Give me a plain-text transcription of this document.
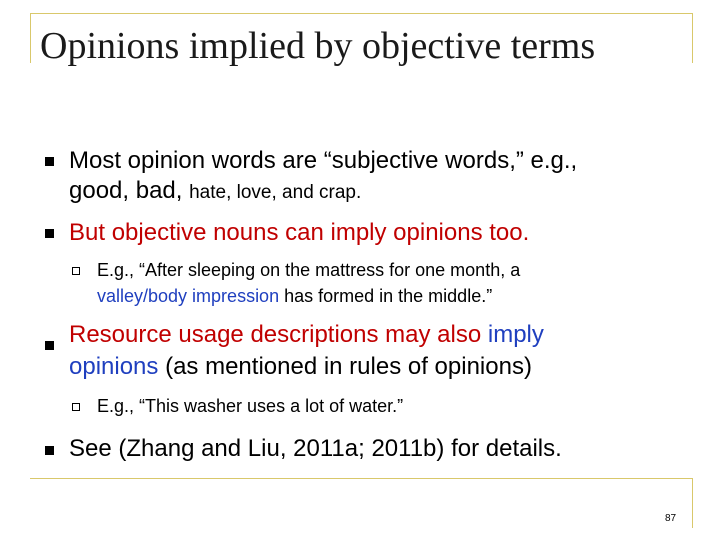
Opinions implied by objective terms
Most opinion words are “subjective words,” e.g.,
good, bad, hate, love, and crap.
But objective nouns can imply opinions too.
E.g., “After sleeping on the mattress for one month, a
valley/body impression has formed in the middle.”
Resource usage descriptions may also imply
opinions (as mentioned in rules of opinions)
E.g., “This washer uses a lot of water.”
See (Zhang and Liu, 2011a; 2011b) for details.
87
